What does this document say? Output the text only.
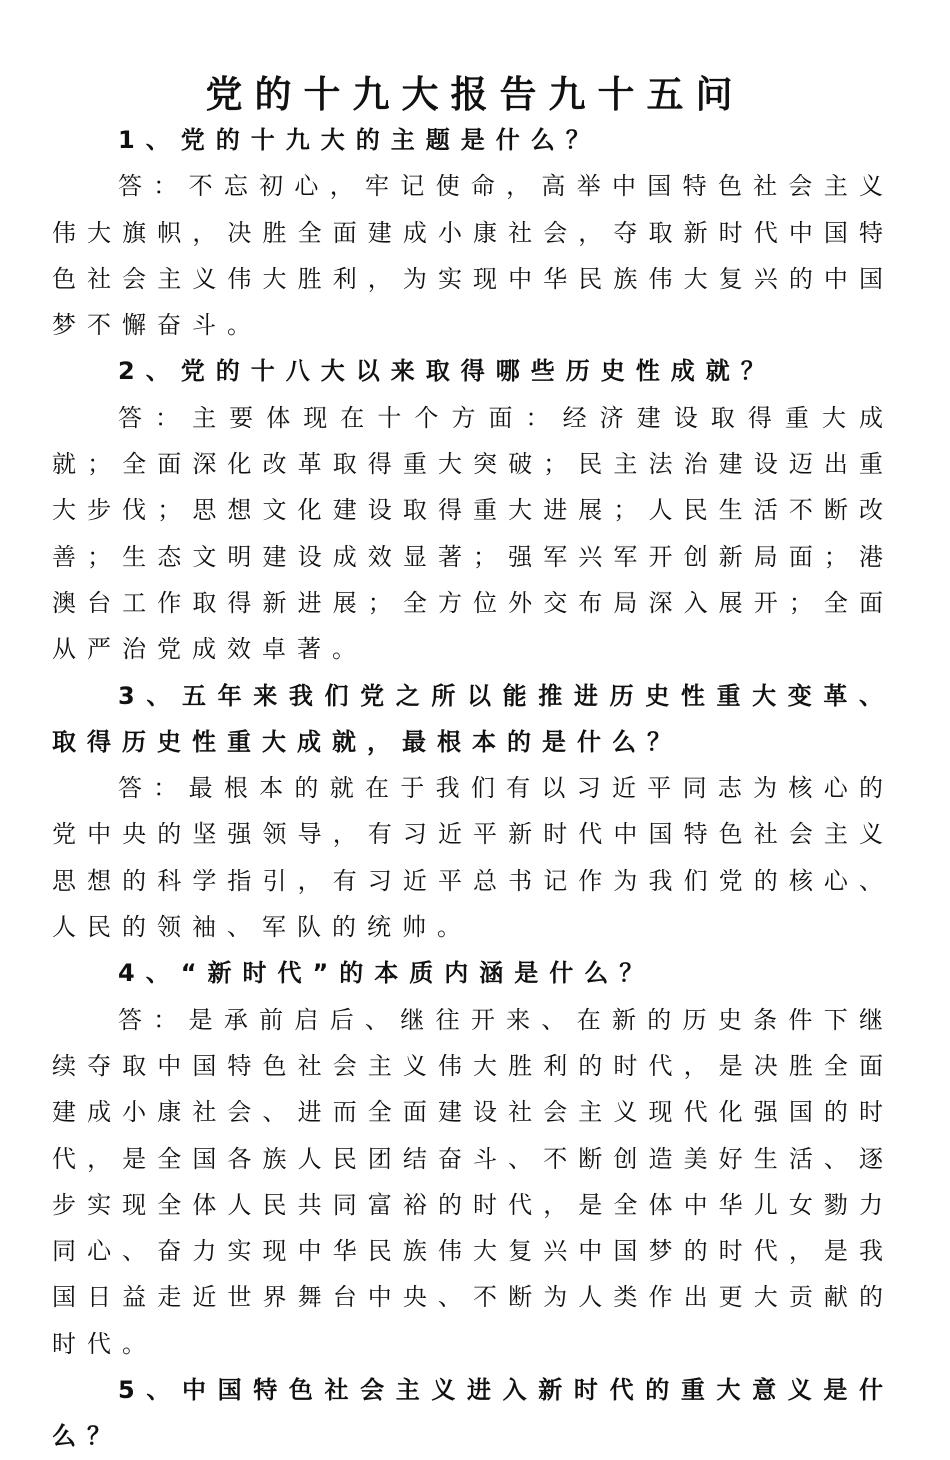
党的十九大报告九十五问

1、党的十九大的主题是什么？

答：不忘初心，牢记使命，高举中国特色社会主义伟大旗帜，决胜全面建成小康社会，夺取新时代中国特色社会主义伟大胜利，为实现中华民族伟大复兴的中国梦不懈奋斗。

2、党的十八大以来取得哪些历史性成就？

答：主要体现在十个方面：经济建设取得重大成就；全面深化改革取得重大突破；民主法治建设迈出重大步伐；思想文化建设取得重大进展；人民生活不断改善；生态文明建设成效显著；强军兴军开创新局面；港澳台工作取得新进展；全方位外交布局深入展开；全面从严治党成效卓著。

3、五年来我们党之所以能推进历史性重大变革、取得历史性重大成就，最根本的是什么？

答：最根本的就在于我们有以习近平同志为核心的党中央的坚强领导，有习近平新时代中国特色社会主义思想的科学指引，有习近平总书记作为我们党的核心、人民的领袖、军队的统帅。

4、“新时代”的本质内涵是什么？

答：是承前启后、继往开来、在新的历史条件下继续夺取中国特色社会主义伟大胜利的时代，是决胜全面建成小康社会、进而全面建设社会主义现代化强国的时代，是全国各族人民团结奋斗、不断创造美好生活、逐步实现全体人民共同富裕的时代，是全体中华儿女勠力同心、奋力实现中华民族伟大复兴中国梦的时代，是我国日益走近世界舞台中央、不断为人类作出更大贡献的时代。

5、中国特色社会主义进入新时代的重大意义是什么？
